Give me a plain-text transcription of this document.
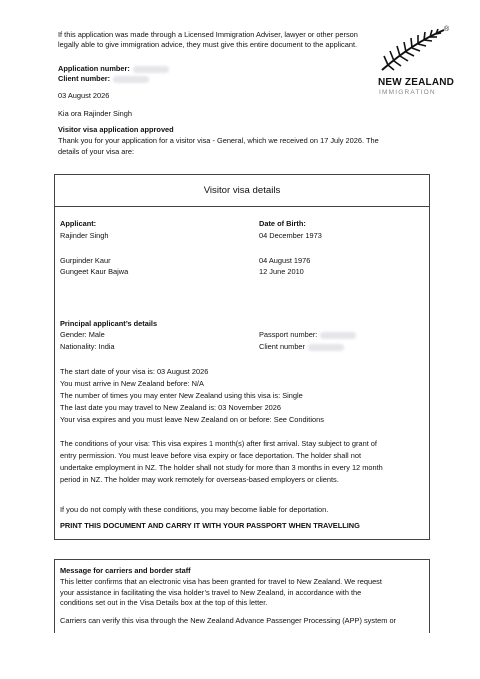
If this application was made through a Licensed Immigration Adviser, lawyer or other person
legally able to give immigration advice, they must give this entire document to the applicant.
®
NEW ZEALAND
IMMIGRATION
Application number:
Client number:
03 August 2026
Kia ora Rajinder Singh
Visitor visa application approved
Thank you for your application for a visitor visa - General, which we received on 17 July 2026. The
details of your visa are:
Visitor visa details
Applicant:	Date of Birth:
Rajinder Singh	04 December 1973
Gurpinder Kaur	04 August 1976
Gungeet Kaur Bajwa	12 June 2010
Principal applicant’s details
Gender: Male	Passport number:
Nationality: India	Client number
The start date of your visa is: 03 August 2026
You must arrive in New Zealand before: N/A
The number of times you may enter New Zealand using this visa is: Single
The last date you may travel to New Zealand is: 03 November 2026
Your visa expires and you must leave New Zealand on or before: See Conditions
The conditions of your visa: This visa expires 1 month(s) after first arrival. Stay subject to grant of
entry permission. You must leave before visa expiry or face deportation. The holder shall not
undertake employment in NZ. The holder shall not study for more than 3 months in every 12 month
period in NZ. The holder may work remotely for overseas-based employers or clients.
If you do not comply with these conditions, you may become liable for deportation.
PRINT THIS DOCUMENT AND CARRY IT WITH YOUR PASSPORT WHEN TRAVELLING
Message for carriers and border staff
This letter confirms that an electronic visa has been granted for travel to New Zealand. We request
your assistance in facilitating the visa holder’s travel to New Zealand, in accordance with the
conditions set out in the Visa Details box at the top of this letter.
Carriers can verify this visa through the New Zealand Advance Passenger Processing (APP) system or
